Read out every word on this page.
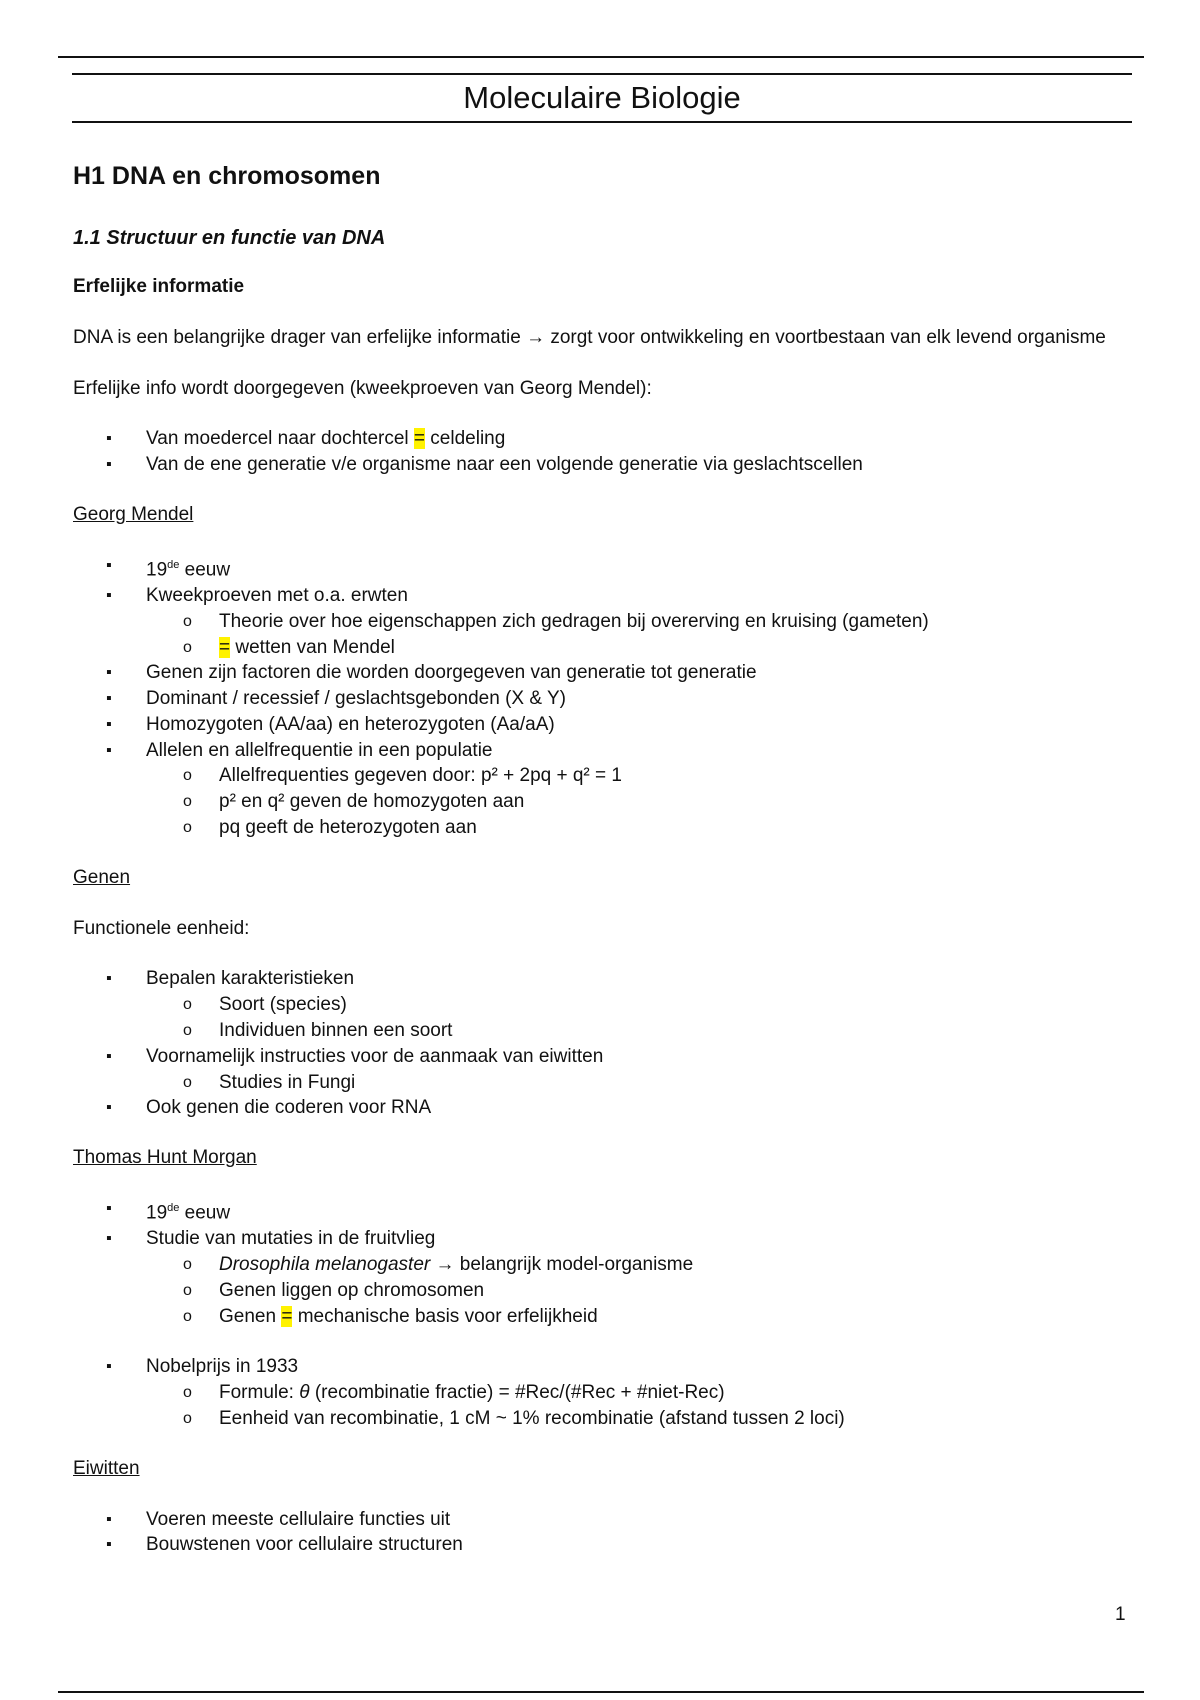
Moleculaire Biologie
H1 DNA en chromosomen
1.1 Structuur en functie van DNA

Erfelijke informatie

DNA is een belangrijke drager van erfelijke informatie → zorgt voor ontwikkeling en voortbestaan van elk levend organisme

Erfelijke info wordt doorgegeven (kweekproeven van Georg Mendel):

▪ Van moedercel naar dochtercel = celdeling
▪ Van de ene generatie v/e organisme naar een volgende generatie via geslachtscellen

Georg Mendel

▪ 19de eeuw
▪ Kweekproeven met o.a. erwten
o Theorie over hoe eigenschappen zich gedragen bij overerving en kruising (gameten)
o = wetten van Mendel
▪ Genen zijn factoren die worden doorgegeven van generatie tot generatie
▪ Dominant / recessief / geslachtsgebonden (X & Y)
▪ Homozygoten (AA/aa) en heterozygoten (Aa/aA)
▪ Allelen en allelfrequentie in een populatie
o Allelfrequenties gegeven door: p² + 2pq + q² = 1
o p² en q² geven de homozygoten aan
o pq geeft de heterozygoten aan

Genen

Functionele eenheid:

▪ Bepalen karakteristieken
o Soort (species)
o Individuen binnen een soort
▪ Voornamelijk instructies voor de aanmaak van eiwitten
o Studies in Fungi
▪ Ook genen die coderen voor RNA

Thomas Hunt Morgan

▪ 19de eeuw
▪ Studie van mutaties in de fruitvlieg
o Drosophila melanogaster → belangrijk model-organisme
o Genen liggen op chromosomen
o Genen = mechanische basis voor erfelijkheid
▪ Nobelprijs in 1933
o Formule: θ (recombinatie fractie) = #Rec/(#Rec + #niet-Rec)
o Eenheid van recombinatie, 1 cM ~ 1% recombinatie (afstand tussen 2 loci)

Eiwitten

▪ Voeren meeste cellulaire functies uit
▪ Bouwstenen voor cellulaire structuren
1
